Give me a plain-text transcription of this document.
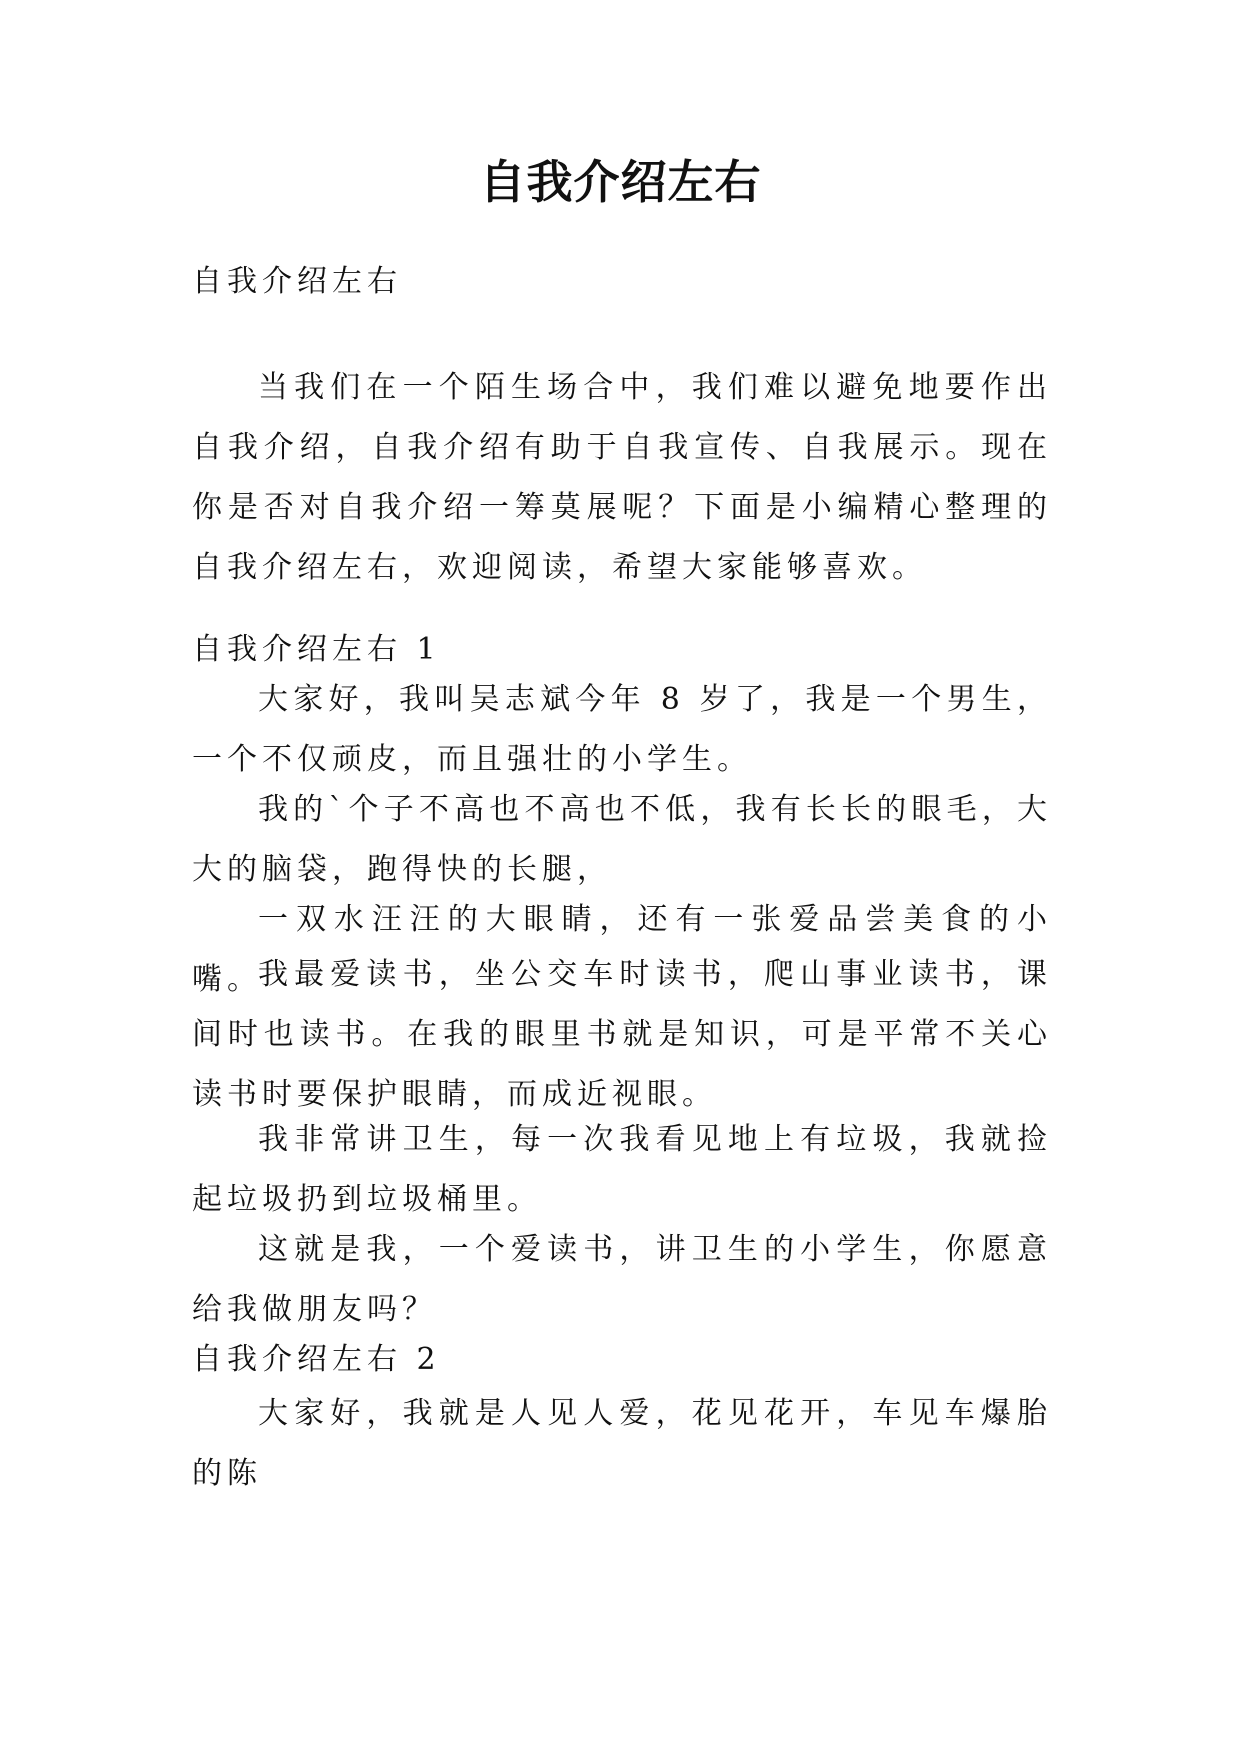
自我介绍左右

自我介绍左右

当我们在一个陌生场合中，我们难以避免地要作出自我介绍，自我介绍有助于自我宣传、自我展示。现在你是否对自我介绍一筹莫展呢？下面是小编精心整理的自我介绍左右，欢迎阅读，希望大家能够喜欢。

自我介绍左右 1

大家好，我叫吴志斌今年 8 岁了，我是一个男生，一个不仅顽皮，而且强壮的小学生。

我的`个子不高也不高也不低，我有长长的眼毛，大大的脑袋，跑得快的长腿，

一双水汪汪的大眼睛，还有一张爱品尝美食的小嘴。

我最爱读书，坐公交车时读书，爬山事业读书，课间时也读书。在我的眼里书就是知识，可是平常不关心读书时要保护眼睛，而成近视眼。

我非常讲卫生，每一次我看见地上有垃圾，我就捡起垃圾扔到垃圾桶里。

这就是我，一个爱读书，讲卫生的小学生，你愿意给我做朋友吗？

自我介绍左右 2

大家好，我就是人见人爱，花见花开，车见车爆胎的陈
